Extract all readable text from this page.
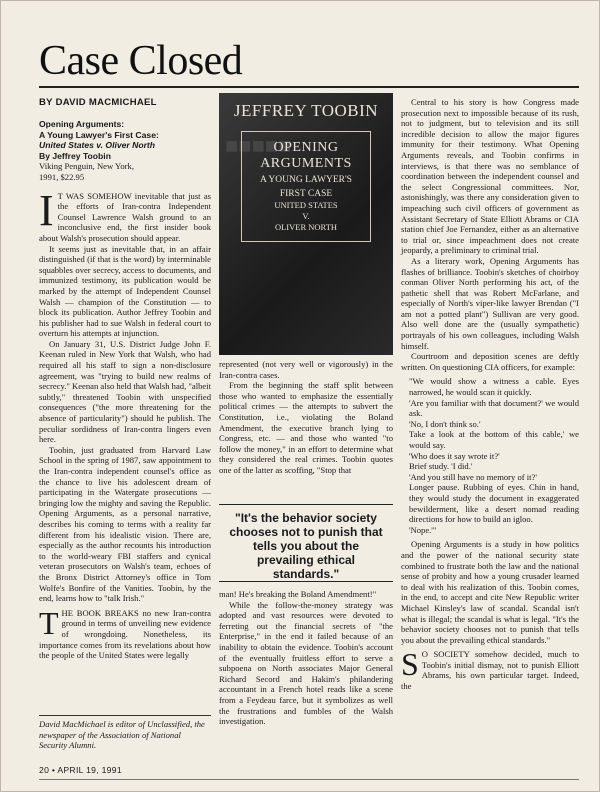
Case Closed
BY DAVID MACMICHAEL
Opening Arguments:
A Young Lawyer's First Case:
United States v. Oliver North
By Jeffrey Toobin
Viking Penguin, New York,
1991, $22.95

I T WAS SOMEHOW inevitable that just as the efforts of Iran-contra Independent Counsel Lawrence Walsh ground to an inconclusive end, the first insider book about Walsh's prosecution should appear.

It seems just as inevitable that, in an affair distinguished (if that is the word) by interminable squabbles over secrecy, access to documents, and immunized testimony, its publication would be marked by the attempt of Independent Counsel Walsh — champion of the Constitution — to block its publication. Author Jeffrey Toobin and his publisher had to sue Walsh in federal court to overturn his attempts at injunction.

On January 31, U.S. District Judge John F. Keenan ruled in New York that Walsh, who had required all his staff to sign a non-disclosure agreement, was "trying to build new realms of secrecy." Keenan also held that Walsh had, "albeit subtly," threatened Toobin with unspecified consequences ("the more threatening for the absence of particularity") should he publish. The peculiar sordidness of Iran-contra lingers even here.

Toobin, just graduated from Harvard Law School in the spring of 1987, saw appointment to the Iran-contra independent counsel's office as the chance to live his adolescent dream of participating in the Watergate prosecutions — bringing low the mighty and saving the Republic. Opening Arguments, as a personal narrative, describes his coming to terms with a reality far different from his idealistic vision. There are, especially as the author recounts his introduction to the world-weary FBI staffers and cynical veteran prosecutors on Walsh's team, echoes of the Bronx District Attorney's office in Tom Wolfe's Bonfire of the Vanities. Toobin, by the end, learns how to "talk Irish."

THE BOOK BREAKS no new Iran-contra ground in terms of unveiling new evidence of wrongdoing. Nonetheless, its importance comes from its revelations about how the people of the United States were legally

David MacMichael is editor of Unclassified, the newspaper of the Association of National Security Alumni.
■■■■■
JEFFREY TOOBIN
OPENING
ARGUMENTS
A YOUNG LAWYER'S
FIRST CASE
UNITED STATES
V.
OLIVER NORTH

represented (not very well or vigorously) in the Iran-contra cases.

From the beginning the staff split between those who wanted to emphasize the essentially political crimes — the attempts to subvert the Constitution, i.e., violating the Boland Amendment, the executive branch lying to Congress, etc. — and those who wanted "to follow the money," in an effort to determine what they considered the real crimes. Toobin quotes one of the latter as scoffing, "Stop that

"It's the behavior society chooses not to punish that tells you about the prevailing ethical standards."

man! He's breaking the Boland Amendment!"

While the follow-the-money strategy was adopted and vast resources were devoted to ferreting out the financial secrets of "the Enterprise," in the end it failed because of an inability to obtain the evidence. Toobin's account of the eventually fruitless effort to serve a subpoena on North associates Major General Richard Secord and Hakim's philandering accountant in a French hotel reads like a scene from a Feydeau farce, but it symbolizes as well the frustrations and fumbles of the Walsh investigation.

Central to his story is how Congress made prosecution next to impossible because of its rush, not to judgment, but to television and its still incredible decision to allow the major figures immunity for their testimony. What Opening Arguments reveals, and Toobin confirms in interviews, is that there was no semblance of coordination between the independent counsel and the select Congressional committees. Nor, astonishingly, was there any consideration given to impeaching such civil officers of government as Assistant Secretary of State Elliott Abrams or CIA station chief Joe Fernandez, either as an alternative to trial or, since impeachment does not create jeopardy, a preliminary to criminal trial.

As a literary work, Opening Arguments has flashes of brilliance. Toobin's sketches of choirboy conman Oliver North performing his act, of the pathetic shell that was Robert McFarlane, and especially of North's viper-like lawyer Brendan ("I am not a potted plant") Sullivan are very good. Also well done are the (usually sympathetic) portrayals of his own colleagues, including Walsh himself.

Courtroom and deposition scenes are deftly written. On questioning CIA officers, for example:

"We would show a witness a cable. Eyes narrowed, he would scan it quickly.

'Are you familiar with that document?' we would ask.

'No, I don't think so.'

Take a look at the bottom of this cable,' we would say.

'Who does it say wrote it?'

Brief study. 'I did.'

'And you still have no memory of it?'

Longer pause. Rubbing of eyes. Chin in hand, they would study the document in exaggerated bewilderment, like a desert nomad reading directions for how to build an igloo.

'Nope.'"

Opening Arguments is a study in how politics and the power of the national security state combined to frustrate both the law and the national sense of probity and how a young crusader learned to deal with his realization of this. Toobin comes, in the end, to accept and cite New Republic writer Michael Kinsley's law of scandal. Scandal isn't what is illegal; the scandal is what is legal. "It's the behavior society chooses not to punish that tells you about the prevailing ethical standards."

S O SOCIETY somehow decided, much to Toobin's initial dismay, not to punish Elliott Abrams, his own particular target. Indeed, the

20 • APRIL 19, 1991
